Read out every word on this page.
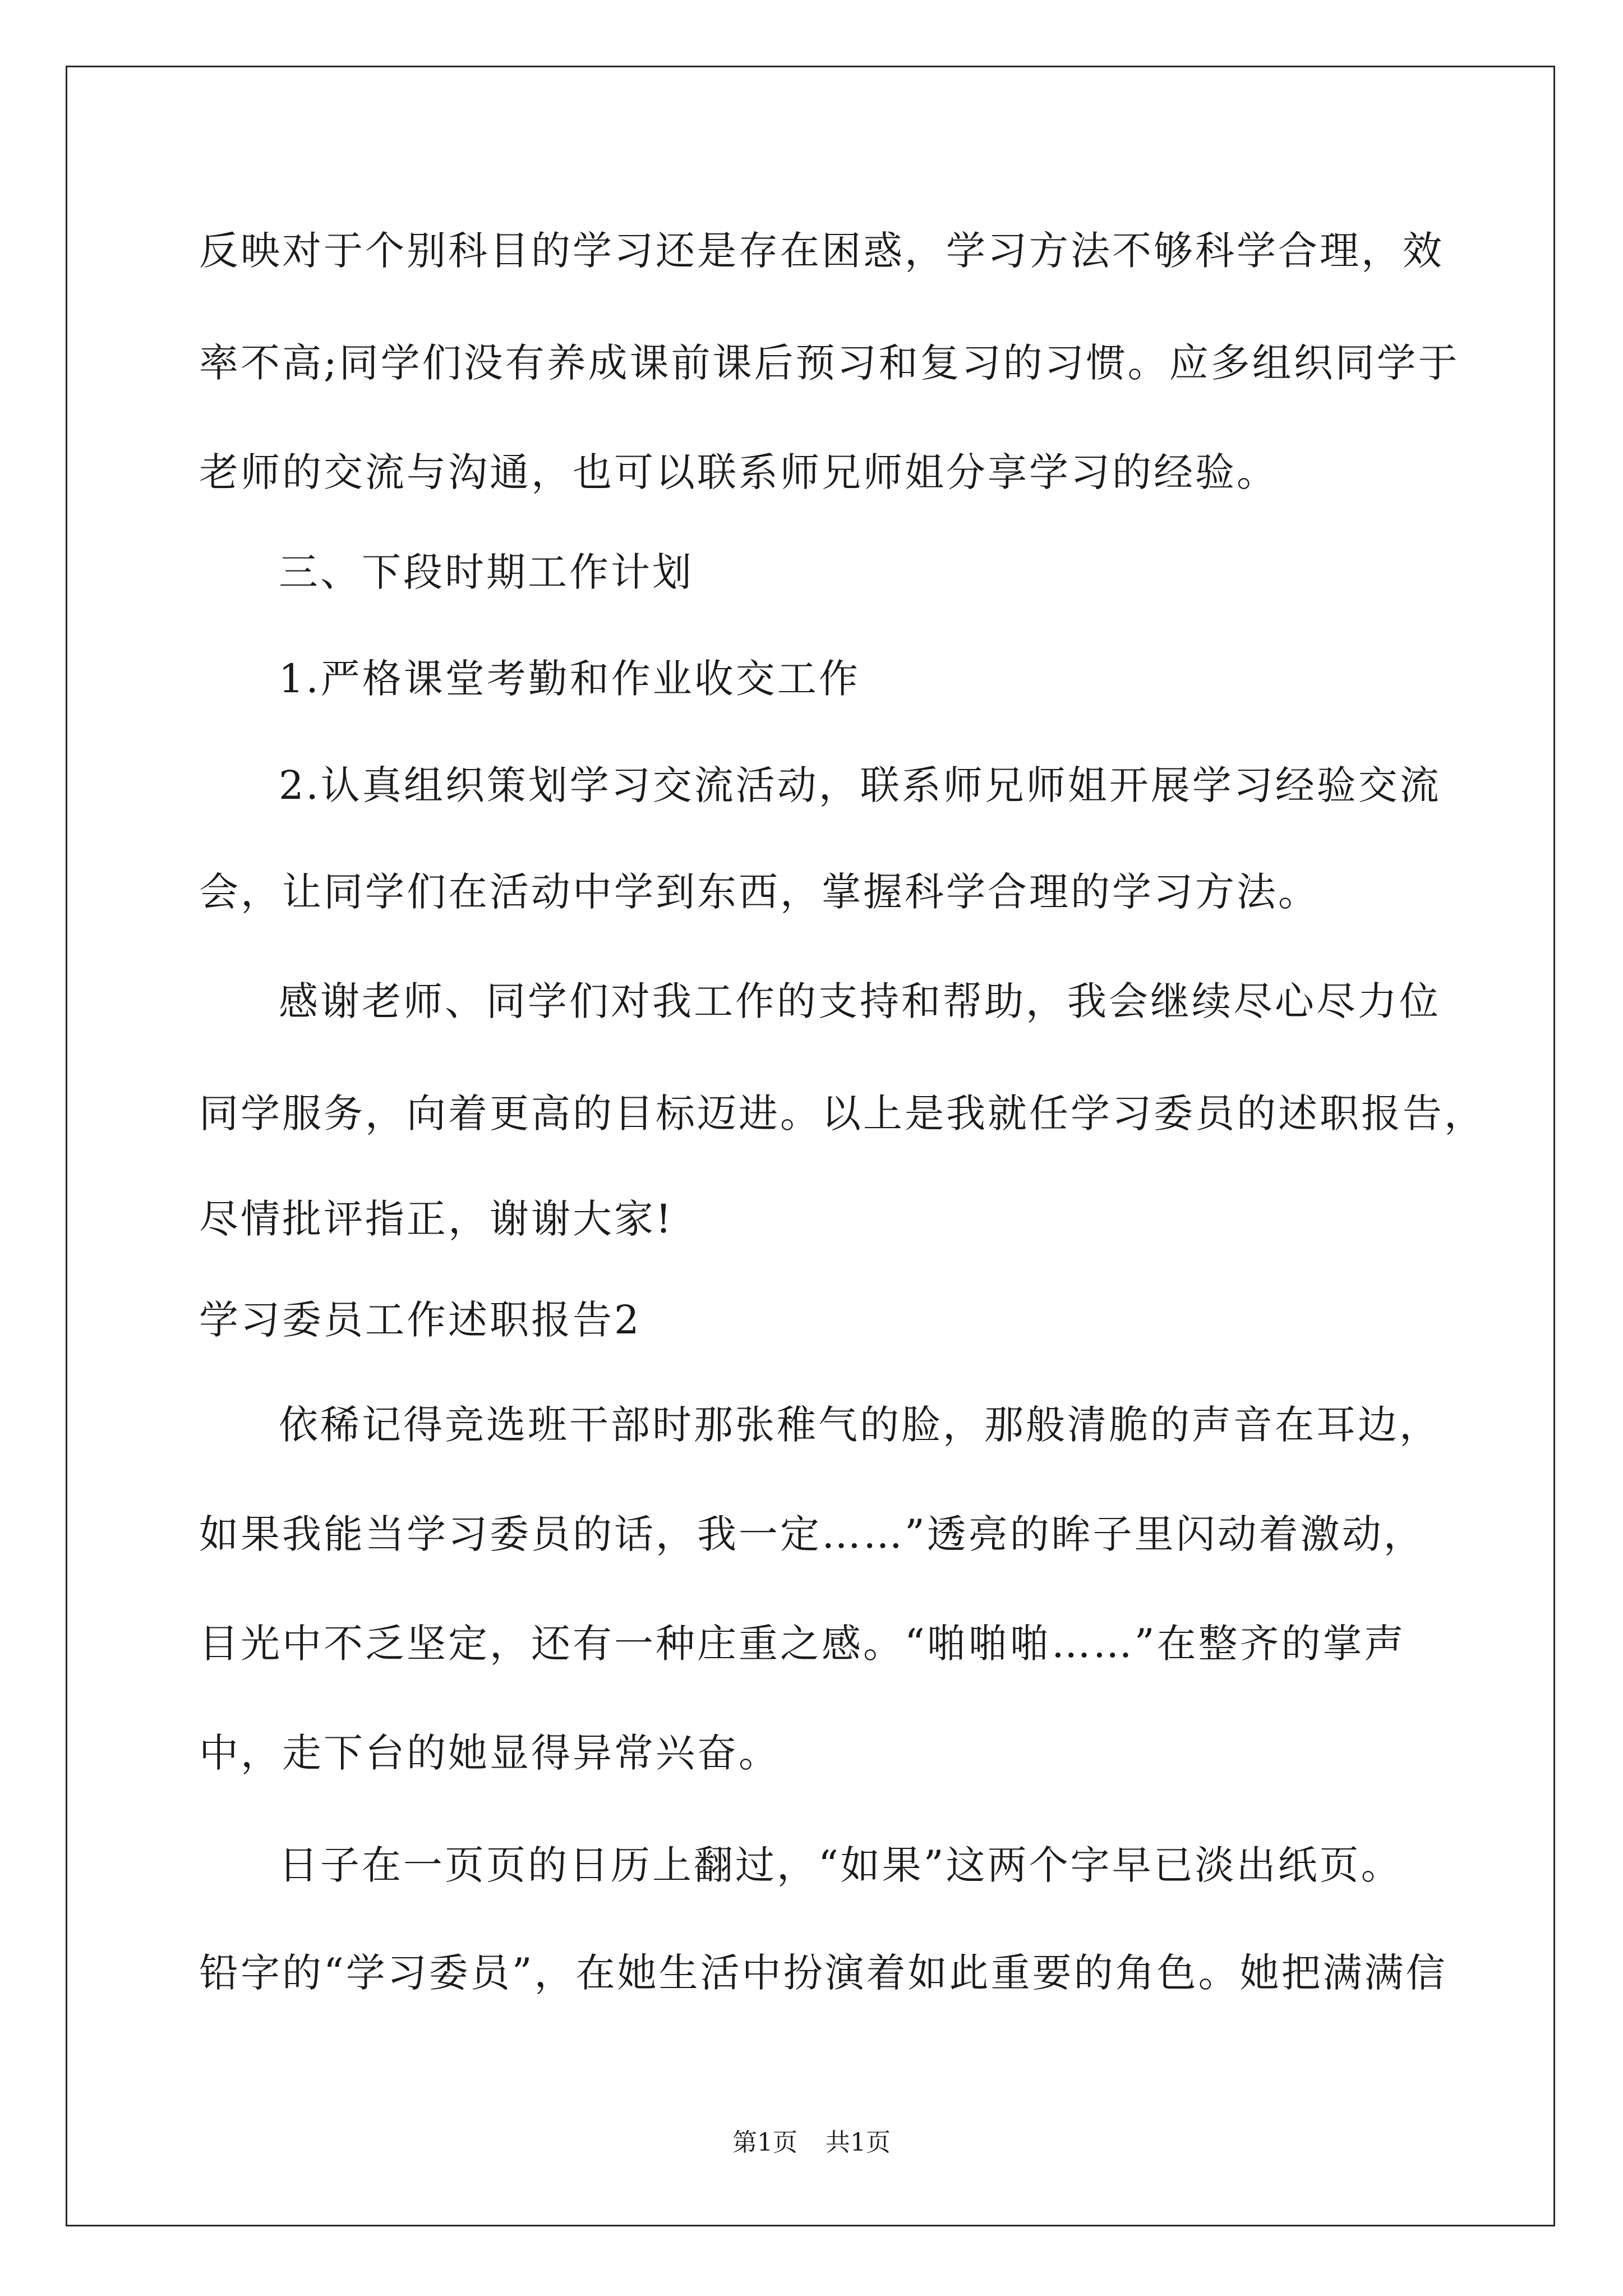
反映对于个别科目的学习还是存在困惑，学习方法不够科学合理，效
率不高;同学们没有养成课前课后预习和复习的习惯。应多组织同学于
老师的交流与沟通，也可以联系师兄师姐分享学习的经验。
三、下段时期工作计划
1.严格课堂考勤和作业收交工作
2.认真组织策划学习交流活动，联系师兄师姐开展学习经验交流
会，让同学们在活动中学到东西，掌握科学合理的学习方法。
感谢老师、同学们对我工作的支持和帮助，我会继续尽心尽力位
同学服务，向着更高的目标迈进。以上是我就任学习委员的述职报告，
尽情批评指正，谢谢大家!
学习委员工作述职报告2
依稀记得竞选班干部时那张稚气的脸，那般清脆的声音在耳边，
如果我能当学习委员的话，我一定……”透亮的眸子里闪动着激动，
目光中不乏坚定，还有一种庄重之感。“啪啪啪……”在整齐的掌声
中，走下台的她显得异常兴奋。
日子在一页页的日历上翻过，“如果”这两个字早已淡出纸页。
铅字的“学习委员”，在她生活中扮演着如此重要的角色。她把满满信
第1页 共1页
